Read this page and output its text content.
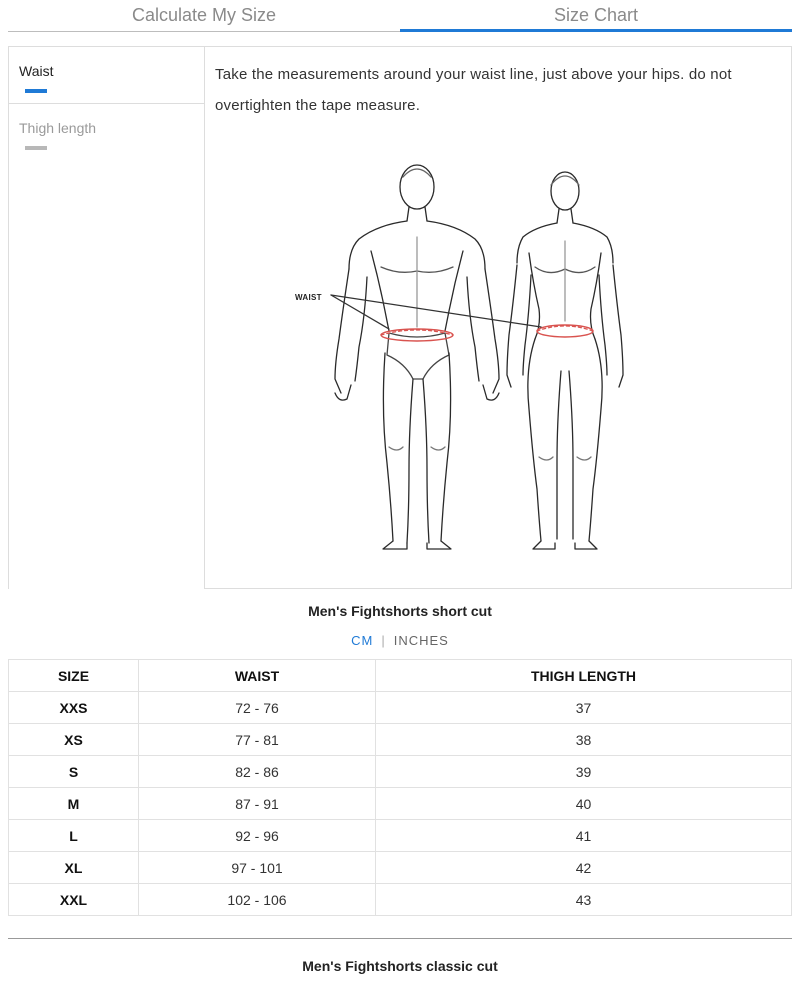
Calculate My Size	Size Chart
Waist
Thigh length

Take the measurements around your waist line, just above your hips. do not overtighten the tape measure.

WAIST
Men's Fightshorts short cut
CM | INCHES
SIZE	WAIST	THIGH LENGTH
XXS	72 - 76	37
XS	77 - 81	38
S	82 - 86	39
M	87 - 91	40
L	92 - 96	41
XL	97 - 101	42
XXL	102 - 106	43
Men's Fightshorts classic cut
